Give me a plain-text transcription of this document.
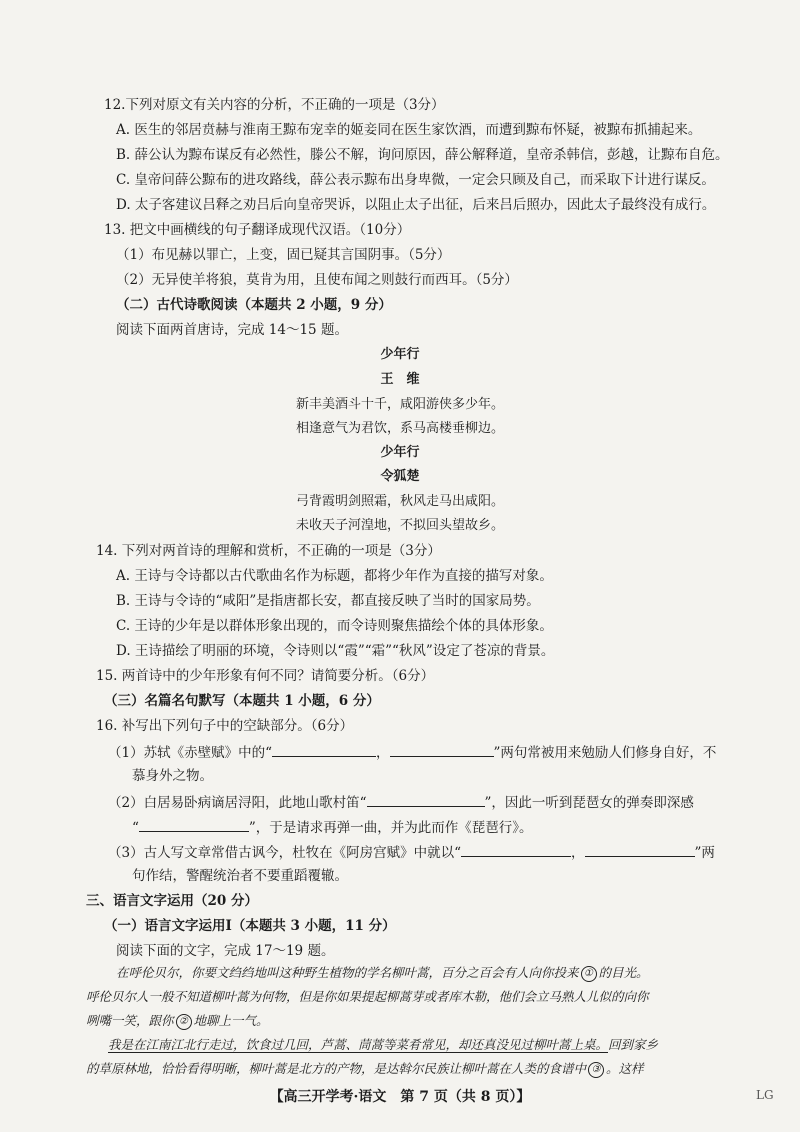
12.下列对原文有关内容的分析，不正确的一项是（3分）
A. 医生的邻居贲赫与淮南王黥布宠幸的姬妾同在医生家饮酒，而遭到黥布怀疑，被黥布抓捕起来。
B. 薛公认为黥布谋反有必然性，滕公不解，询问原因，薛公解释道，皇帝杀韩信，彭越，让黥布自危。
C. 皇帝问薛公黥布的进攻路线，薛公表示黥布出身卑微，一定会只顾及自己，而采取下计进行谋反。
D. 太子客建议吕释之劝吕后向皇帝哭诉，以阻止太子出征，后来吕后照办，因此太子最终没有成行。
13. 把文中画横线的句子翻译成现代汉语。（10分）
（1）布见赫以罪亡，上变，固已疑其言国阴事。（5分）
（2）无异使羊将狼，莫肯为用，且使布闻之则鼓行而西耳。（5分）
（二）古代诗歌阅读（本题共 2 小题，9 分）
阅读下面两首唐诗，完成 14～15 题。
少年行
王　维
新丰美酒斗十千，咸阳游侠多少年。
相逢意气为君饮，系马高楼垂柳边。
少年行
令狐楚
弓背霞明剑照霜，秋风走马出咸阳。
未收天子河湟地，不拟回头望故乡。
14. 下列对两首诗的理解和赏析，不正确的一项是（3分）
A. 王诗与令诗都以古代歌曲名作为标题，都将少年作为直接的描写对象。
B. 王诗与令诗的“咸阳”是指唐都长安，都直接反映了当时的国家局势。
C. 王诗的少年是以群体形象出现的，而令诗则聚焦描绘个体的具体形象。
D. 王诗描绘了明丽的环境，令诗则以“霞”“霜”“秋风”设定了苍凉的背景。
15. 两首诗中的少年形象有何不同？请简要分析。（6分）
（三）名篇名句默写（本题共 1 小题，6 分）
16. 补写出下列句子中的空缺部分。（6分）
（1）苏轼《赤壁赋》中的“	，	”两句常被用来勉励人们修身自好，不
慕身外之物。
（2）白居易卧病谪居浔阳，此地山歌村笛“	”，因此一听到琵琶女的弹奏即深感
“	”，于是请求再弹一曲，并为此而作《琵琶行》。
（3）古人写文章常借古讽今，杜牧在《阿房宫赋》中就以“	，	”两
句作结，警醒统治者不要重蹈覆辙。
三、语言文字运用（20 分）
（一）语言文字运用Ⅰ（本题共 3 小题，11 分）
阅读下面的文字，完成 17～19 题。
在呼伦贝尔，你要文绉绉地叫这种野生植物的学名柳叶蒿，百分之百会有人向你投来 ① 的目光。
【高三开学考·语文　第 7 页（共 8 页）】	LG
呼伦贝尔人一般不知道柳叶蒿为何物，但是你如果提起柳蒿芽或者库木勒，他们会立马熟人儿似的向你
咧嘴一笑，跟你 ② 地聊上一气。
我是在江南江北行走过，饮食过几回，芦蒿、茼蒿等菜肴常见，却还真没见过柳叶蒿上桌。回到家乡
的草原林地，恰恰看得明晰，柳叶蒿是北方的产物，是达斡尔民族让柳叶蒿在人类的食谱中 ③ 。这样
